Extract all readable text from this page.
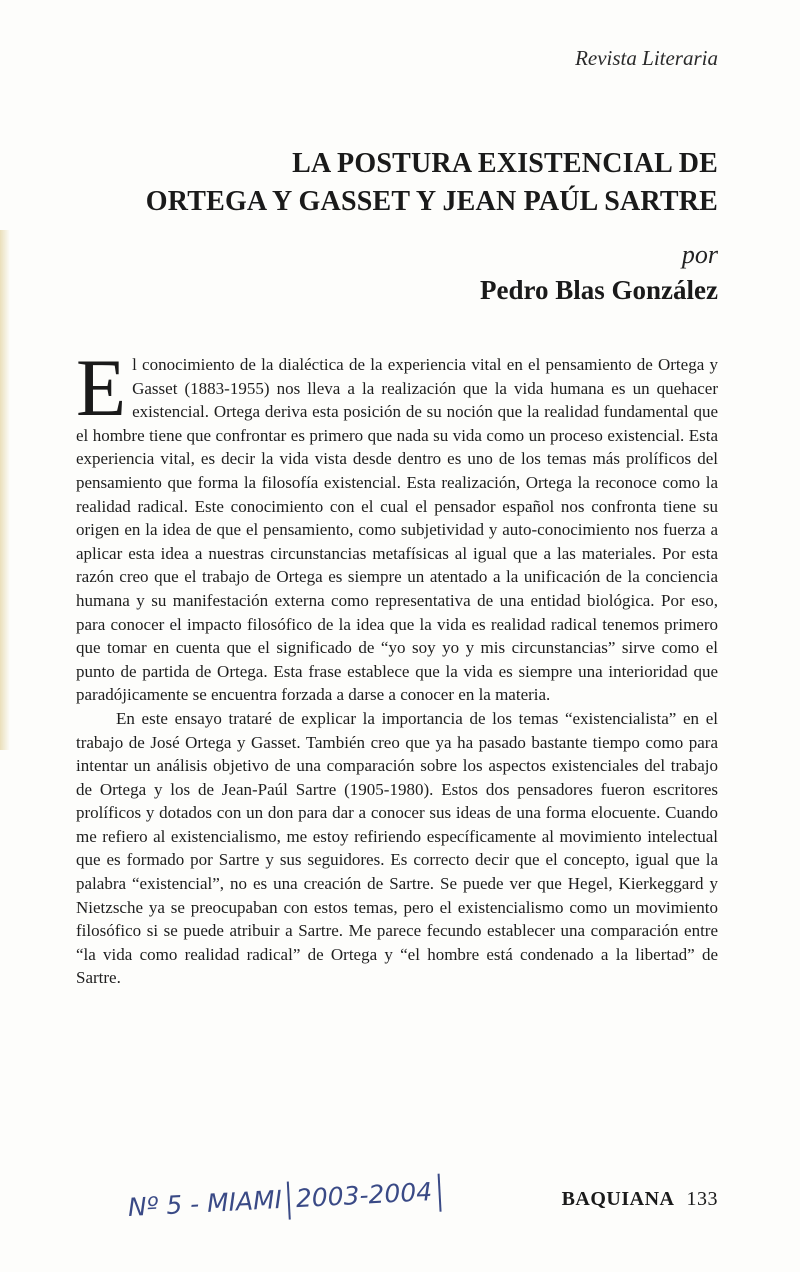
Revista Literaria
LA POSTURA EXISTENCIAL DE
ORTEGA Y GASSET Y JEAN PAÚL SARTRE
por
Pedro Blas González

El conocimiento de la dialéctica de la experiencia vital en el pensamiento de Ortega y Gasset (1883-1955) nos lleva a la realización que la vida humana es un quehacer existencial. Ortega deriva esta posición de su noción que la realidad fundamental que el hombre tiene que confrontar es primero que nada su vida como un proceso existencial. Esta experiencia vital, es decir la vida vista desde dentro es uno de los temas más prolíficos del pensamiento que forma la filosofía existencial. Esta realización, Ortega la reconoce como la realidad radical. Este conocimiento con el cual el pensador español nos confronta tiene su origen en la idea de que el pensamiento, como subjetividad y auto-conocimiento nos fuerza a aplicar esta idea a nuestras circunstancias metafísicas al igual que a las materiales. Por esta razón creo que el trabajo de Ortega es siempre un atentado a la unificación de la conciencia humana y su manifestación externa como representativa de una entidad biológica. Por eso, para conocer el impacto filosófico de la idea que la vida es realidad radical tenemos primero que tomar en cuenta que el significado de “yo soy yo y mis circunstancias” sirve como el punto de partida de Ortega. Esta frase establece que la vida es siempre una interioridad que paradójicamente se encuentra forzada a darse a conocer en la materia.

En este ensayo trataré de explicar la importancia de los temas “existencialista” en el trabajo de José Ortega y Gasset. También creo que ya ha pasado bastante tiempo como para intentar un análisis objetivo de una comparación sobre los aspectos existenciales del trabajo de Ortega y los de Jean-Paúl Sartre (1905-1980). Estos dos pensadores fueron escritores prolíficos y dotados con un don para dar a conocer sus ideas de una forma elocuente. Cuando me refiero al existencialismo, me estoy refiriendo específicamente al movimiento intelectual que es formado por Sartre y sus seguidores. Es correcto decir que el concepto, igual que la palabra “existencial”, no es una creación de Sartre. Se puede ver que Hegel, Kierkeggard y Nietzsche ya se preocupaban con estos temas, pero el existencialismo como un movimiento filosófico si se puede atribuir a Sartre. Me parece fecundo establecer una comparación entre “la vida como realidad radical” de Ortega y “el hombre está condenado a la libertad” de Sartre.

Nº 5 - MIAMI 2003-2004	BAQUIANA 133
